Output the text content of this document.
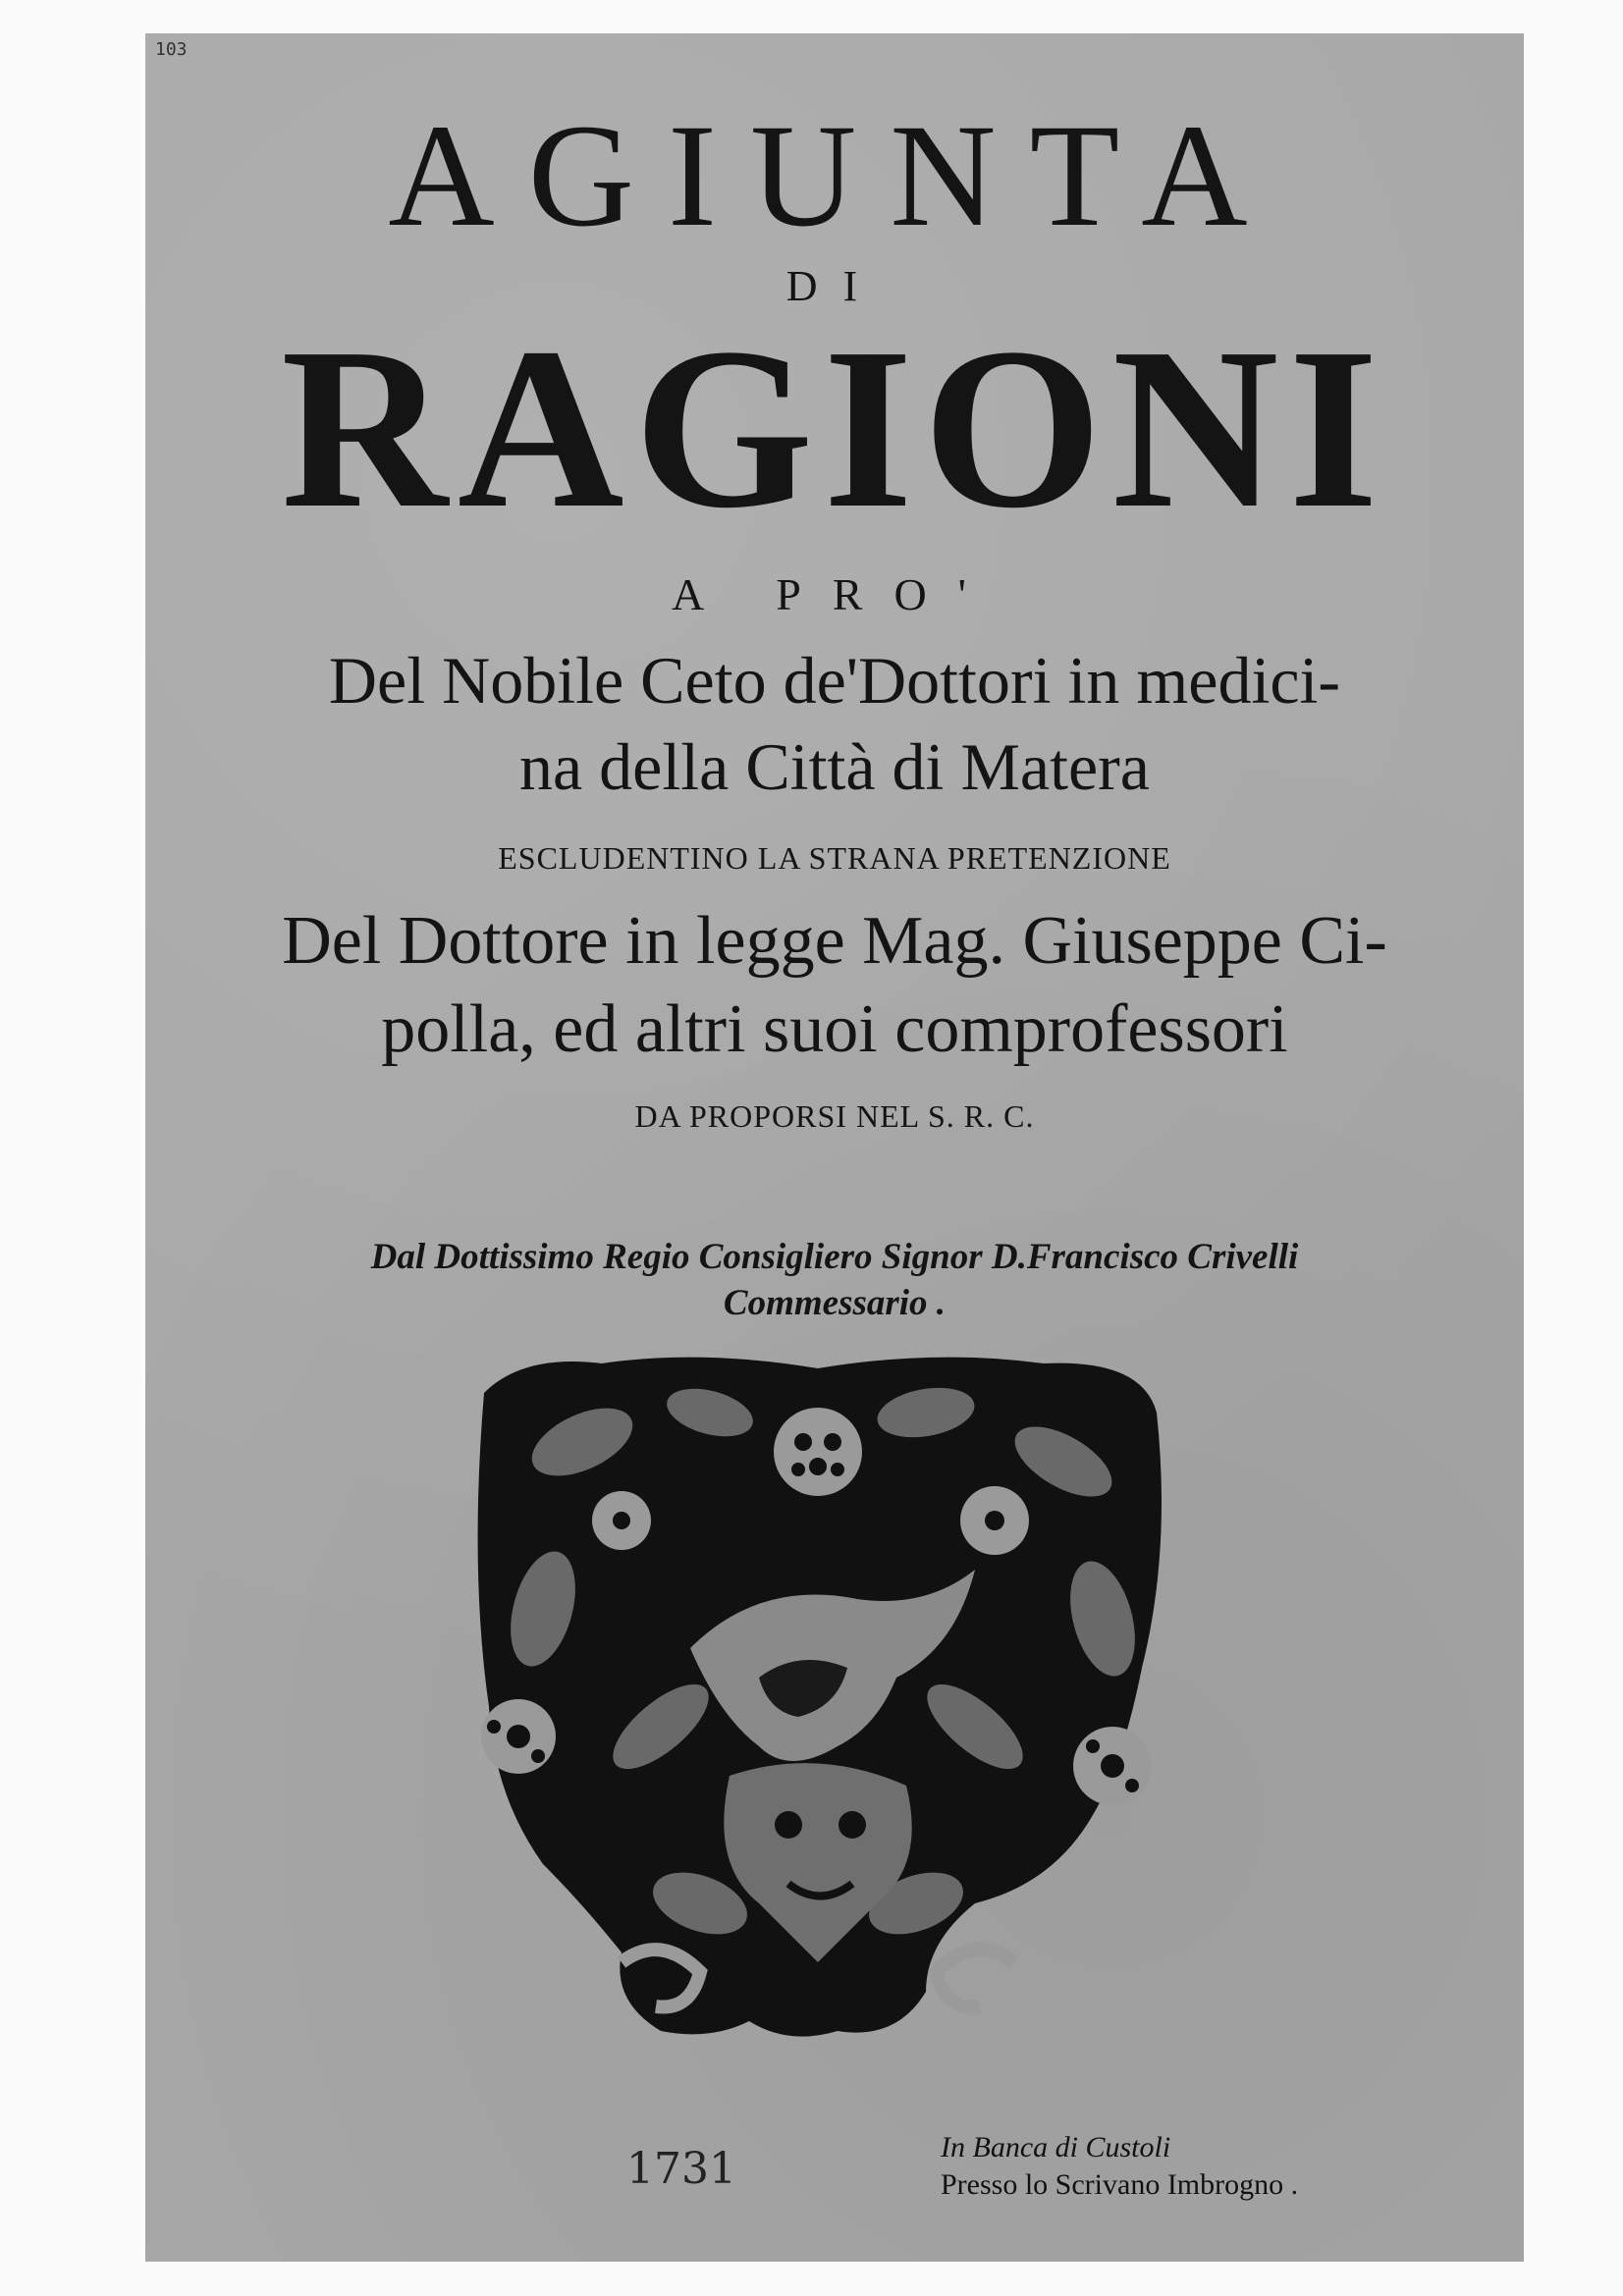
103
AGIUNTA
DI
RAGIONI
A PRO'
Del Nobile Ceto de'Dottori in medici-
na della Città di Matera
ESCLUDENTINO LA STRANA PRETENZIONE
Del Dottore in legge Mag. Giuseppe Ci-
polla, ed altri suoi comprofessori
DA PROPORSI NEL S. R. C.
Dal Dottissimo Regio Consigliero Signor D.Francisco Crivelli
Commessario .
1731	In Banca di Custoli
Presso lo Scrivano Imbrogno .
